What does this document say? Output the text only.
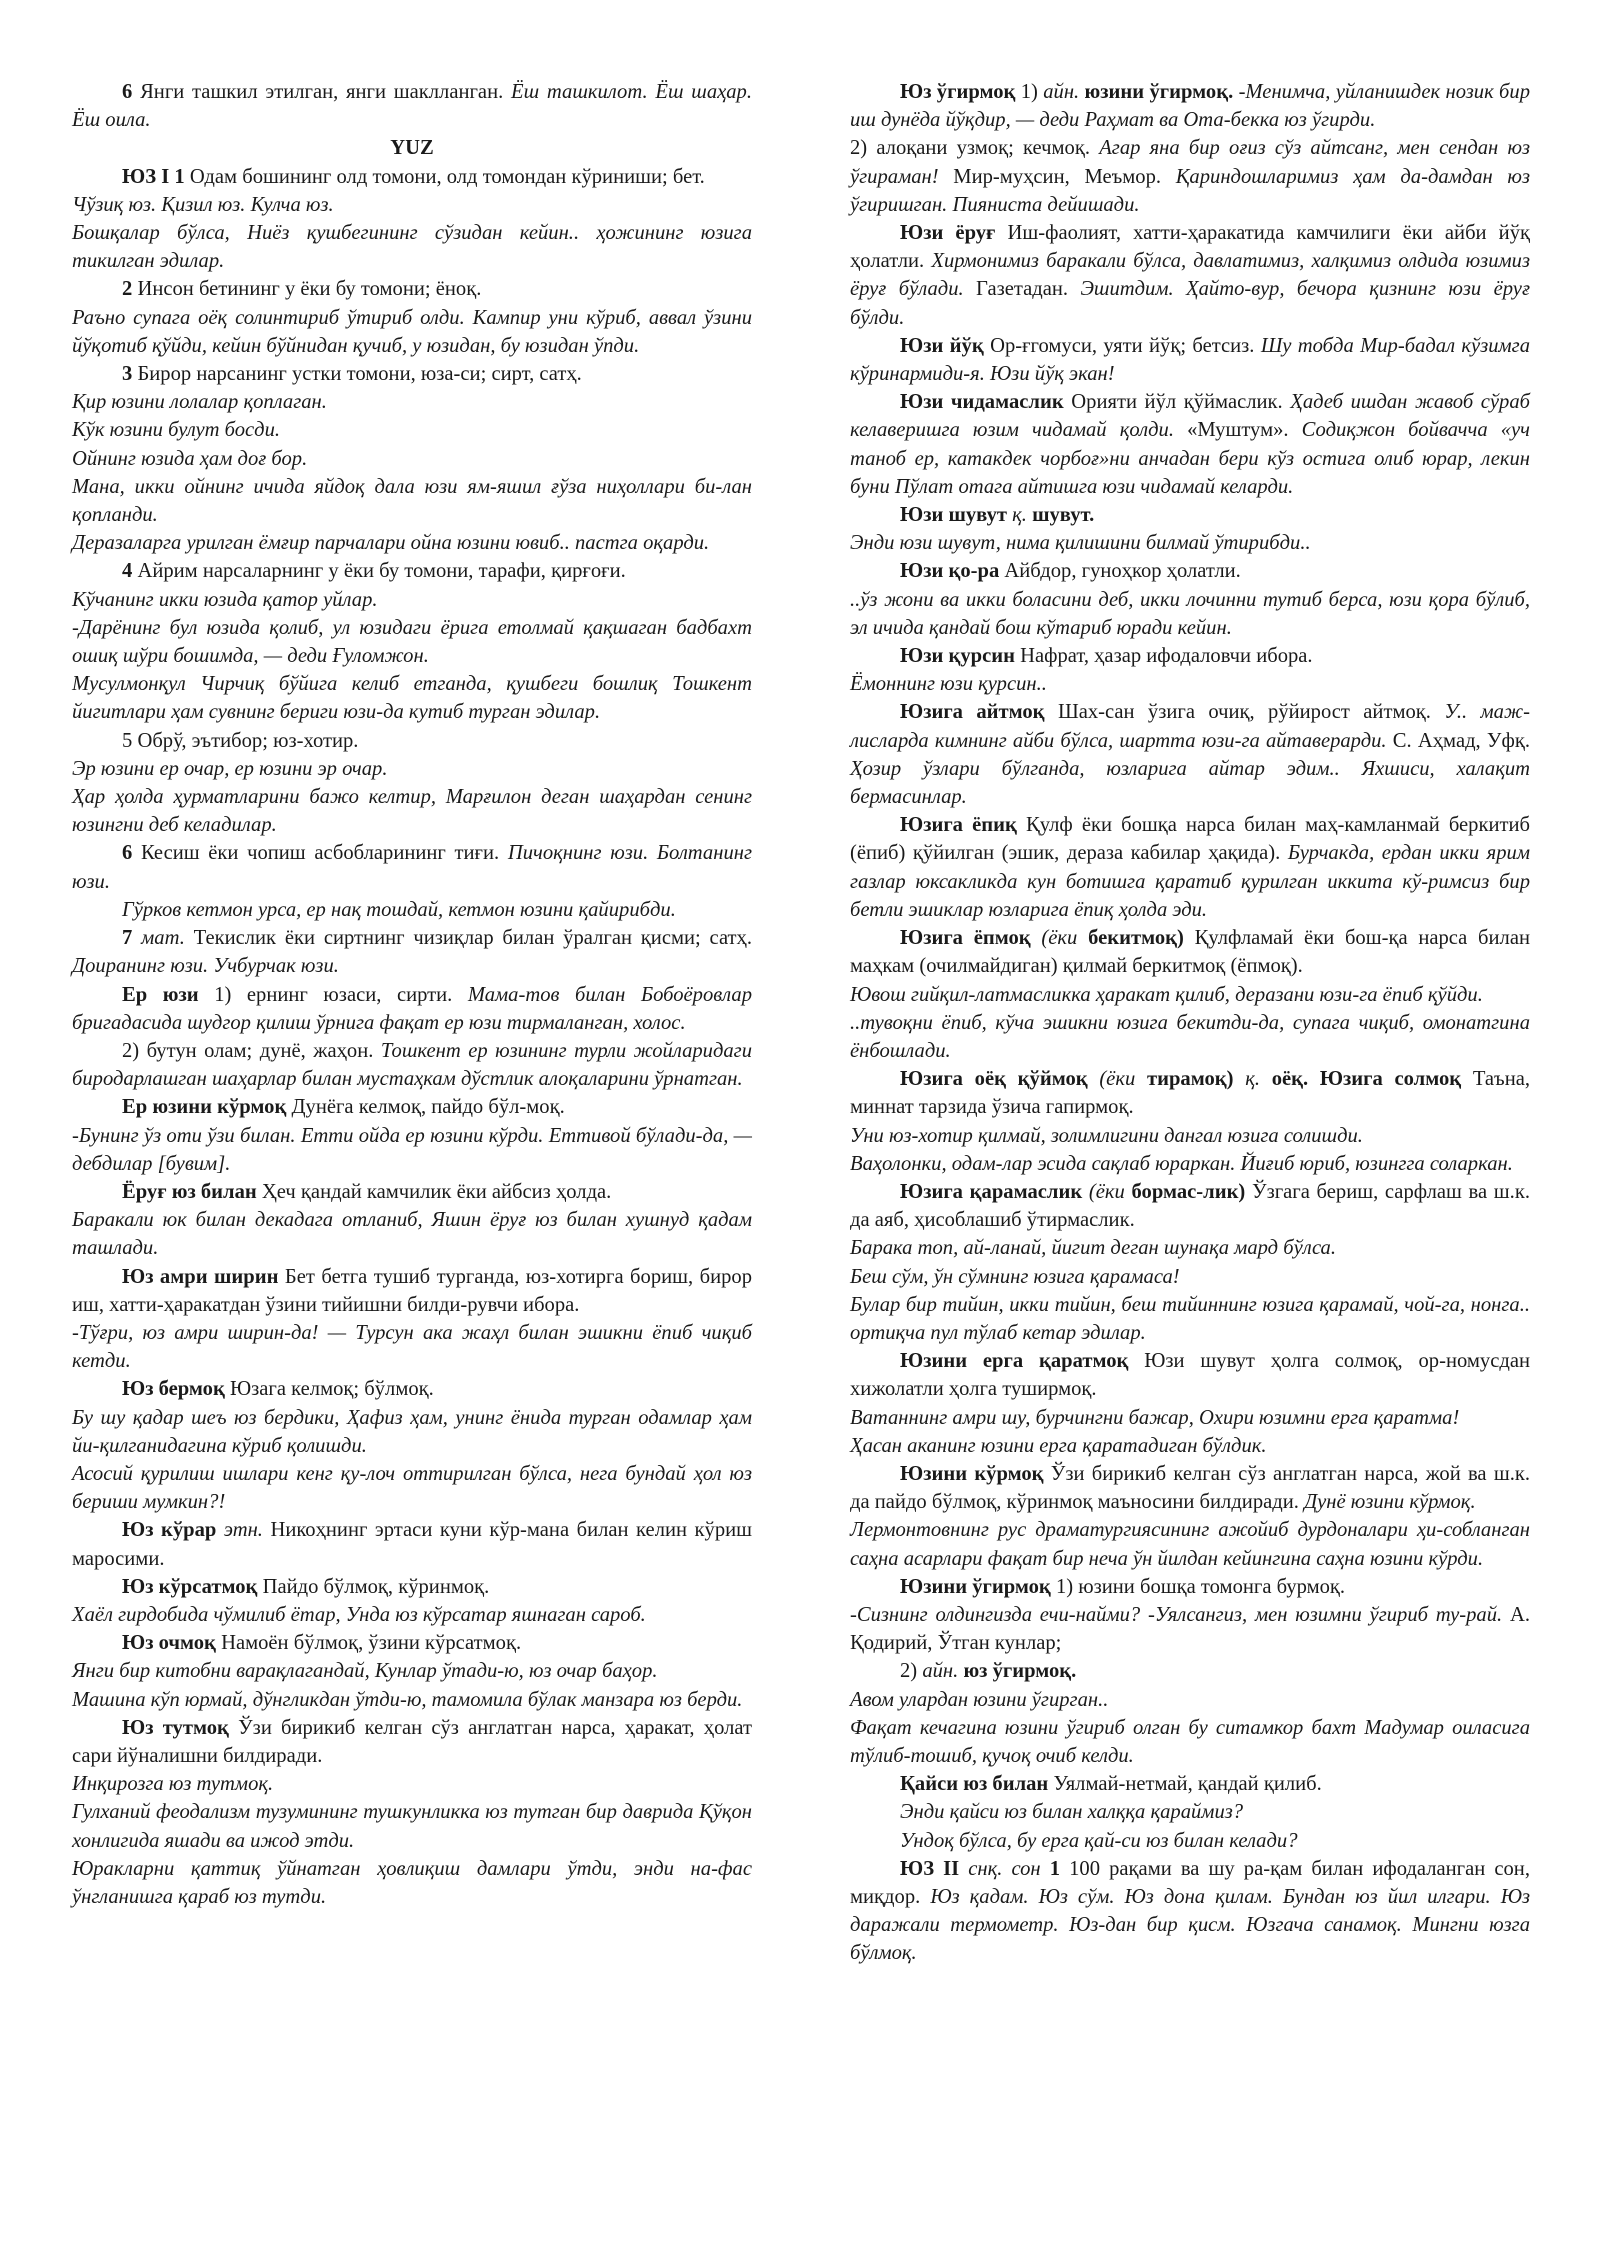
6 Янги ташкил этилган, янги шаклланган. Ёш ташкилот. Ёш шаҳар. Ёш оила.

YUZ

ЮЗ I 1 Одам бошининг олд томони, олд томондан кўриниши; бет.

Чўзиқ юз. Қизил юз. Кулча юз.

Бошқалар бўлса, Ниёз қушбегининг сўзидан кейин.. ҳожининг юзига тикилган эдилар.

2 Инсон бетининг у ёки бу томони; ёноқ.

Раъно супага оёқ солинтириб ўтириб олди. Кампир уни кўриб, аввал ўзини йўқотиб қўйди, кейин бўйнидан қучиб, у юзидан, бу юзидан ўпди.

3 Бирор нарсанинг устки томони, юза-си; сирт, сатҳ.

Қир юзини лолалар қоплаган.

Кўк юзини булут босди.

Ойнинг юзида ҳам доғ бор.

Мана, икки ойнинг ичида яйдоқ дала юзи ям-яшил ғўза ниҳоллари би-лан қопланди.

Деразаларга урилган ёмғир парчалари ойна юзини ювиб.. пастга оқарди.

4 Айрим нарсаларнинг у ёки бу томони, тарафи, қирғоғи.

Кўчанинг икки юзида қатор уйлар.

-Дарёнинг бул юзида қолиб, ул юзидаги ёрига етолмай қақшаган бадбахт ошиқ шўри бошимда, — деди Ғуломжон.

Мусулмонқул Чирчиқ бўйига келиб етганда, қушбеги бошлиқ Тошкент йигитлари ҳам сувнинг бериги юзи-да кутиб турган эдилар.

5 Обрў, эътибор; юз-хотир.

Эр юзини ер очар, ер юзини эр очар.

Ҳар ҳолда ҳурматларини бажо келтир, Марғилон деган шаҳардан сенинг юзингни деб келадилар.

6 Кесиш ёки чопиш асбобларининг тиғи. Пичоқнинг юзи. Болтанинг юзи.

Гўрков кетмон урса, ер нақ тошдай, кетмон юзини қайирибди.

7 мат. Текислик ёки сиртнинг чизиқлар билан ўралган қисми; сатҳ. Доиранинг юзи. Учбурчак юзи.

Ер юзи 1) ернинг юзаси, сирти. Мама-тов билан Бобоёровлар бригадасида шудгор қилиш ўрнига фақат ер юзи тирмаланган, холос.

2) бутун олам; дунё, жаҳон. Тошкент ер юзининг турли жойларидаги биродарлашган шаҳарлар билан мустаҳкам дўстлик алоқаларини ўрнатган.

Ер юзини кўрмоқ Дунёга келмоқ, пайдо бўл-моқ.

-Бунинг ўз оти ўзи билан. Етти ойда ер юзини кўрди. Еттивой бўлади-да, — дебдилар [бувим].

Ёруғ юз билан Ҳеч қандай камчилик ёки айбсиз ҳолда.

Баракали юк билан декадага отланиб, Яшин ёруғ юз билан хушнуд қадам ташлади.

Юз амри ширин Бет бетга тушиб турганда, юз-хотирга бориш, бирор иш, хатти-ҳаракатдан ўзини тийишни билди-рувчи ибора.

-Тўғри, юз амри ширин-да! — Турсун ака жаҳл билан эшикни ёпиб чиқиб кетди.

Юз бермоқ Юзага келмоқ; бўлмоқ.

Бу шу қадар шеъ юз бердики, Ҳафиз ҳам, унинг ёнида турган одамлар ҳам йи-қилганидагина кўриб қолишди.

Асосий қурилиш ишлари кенг қу-лоч оттирилган бўлса, нега бундай ҳол юз бериши мумкин?!

Юз кўрар этн. Никоҳнинг эртаси куни кўр-мана билан келин кўриш маросими.

Юз кўрсатмоқ Пайдо бўлмоқ, кўринмоқ.

Хаёл гирдобида чўмилиб ётар, Унда юз кўрсатар яшнаган сароб.

Юз очмоқ Намоён бўлмоқ, ўзини кўрсатмоқ.

Янги бир китобни варақлагандай, Кунлар ўтади-ю, юз очар баҳор.

Машина кўп юрмай, дўнгликдан ўтди-ю, тамомила бўлак манзара юз берди.

Юз тутмоқ Ўзи бирикиб келган сўз англатган нарса, ҳаракат, ҳолат сари йўналишни билдиради.

Инқирозга юз тутмоқ.

Гулханий феодализм тузумининг тушкунликка юз тутган бир даврида Қўқон хонлигида яшади ва ижод этди.

Юракларни қаттиқ ўйнатган ҳовлиқиш дамлари ўтди, энди на-фас ўнгланишга қараб юз тутди.

Юз ўгирмоқ 1) айн. юзини ўгирмоқ. -Менимча, уйланишдек нозик бир иш дунёда йўқдир, — деди Раҳмат ва Ота-бекка юз ўгирди.

2) алоқани узмоқ; кечмоқ. Агар яна бир оғиз сўз айтсанг, мен сендан юз ўгираман! Мир-муҳсин, Меъмор. Қариндошларимиз ҳам да-дамдан юз ўгиришган. Пияниста дейишади.

Юзи ёруғ Иш-фаолият, хатти-ҳаракатида камчилиги ёки айби йўқ ҳолатли. Хирмонимиз баракали бўлса, давлатимиз, халқимиз олдида юзимиз ёруғ бўлади. Газетадан. Эшитдим. Ҳайто-вур, бечора қизнинг юзи ёруғ бўлди.

Юзи йўқ Ор-ғгомуси, уяти йўқ; бетсиз. Шу тобда Мир-бадал кўзимга кўринармиди-я. Юзи йўқ экан!

Юзи чидамаслик Орияти йўл қўймаслик. Ҳадеб ишдан жавоб сўраб келаверишга юзим чидамай қолди. «Муштум». Содиқжон бойвачча «уч таноб ер, катакдек чорбоғ»ни анчадан бери кўз остига олиб юрар, лекин буни Пўлат отага айтишга юзи чидамай келарди.

Юзи шувут қ. шувут.

Энди юзи шувут, нима қилишини билмай ўтирибди..

Юзи қо-ра Айбдор, гуноҳкор ҳолатли.

..ўз жони ва икки боласини деб, икки лочинни тутиб берса, юзи қора бўлиб, эл ичида қандай бош кўтариб юради кейин.

Юзи қурсин Нафрат, ҳазар ифодаловчи ибора.

Ёмоннинг юзи қурсин..

Юзига айтмоқ Шах-сан ўзига очиқ, рўйирост айтмоқ. У.. маж-лисларда кимнинг айби бўлса, шартта юзи-га айтаверарди. С. Аҳмад, Уфқ. Ҳозир ўзлари бўлганда, юзларига айтар эдим.. Яхшиси, халақит бермасинлар.

Юзига ёпиқ Қулф ёки бошқа нарса билан маҳ-камланмай беркитиб (ёпиб) қўйилган (эшик, дераза кабилар ҳақида). Бурчакда, ердан икки ярим газлар юксакликда кун ботишга қаратиб қурилган иккита кў-римсиз бир бетли эшиклар юзларига ёпиқ ҳолда эди.

Юзига ёпмоқ (ёки бекитмоқ) Қулфламай ёки бош-қа нарса билан маҳкам (очилмайдиган) қилмай беркитмоқ (ёпмоқ).

Ювош гийқил-латмасликка ҳаракат қилиб, деразани юзи-га ёпиб қўйди.

..тувоқни ёпиб, кўча эшикни юзига бекитди-да, супага чиқиб, омонатгина ёнбошлади.

Юзига оёқ қўймоқ (ёки тирамоқ) қ. оёқ. Юзига солмоқ Таъна, миннат тарзида ўзича гапирмоқ.

Уни юз-хотир қилмай, золимлигини дангал юзига солишди.

Ваҳолонки, одам-лар эсида сақлаб юраркан. Йиғиб юриб, юзингга соларкан.

Юзига қарамаслик (ёки бормас-лик) Ўзгага бериш, сарфлаш ва ш.к. да аяб, ҳисоблашиб ўтирмаслик.

Барака топ, ай-ланай, йигит деган шунақа мард бўлса.

Беш сўм, ўн сўмнинг юзига қарамаса!

Булар бир тийин, икки тийин, беш тийиннинг юзига қарамай, чой-га, нонга.. ортиқча пул тўлаб кетар эдилар.

Юзини ерга қаратмоқ Юзи шувут ҳолга солмоқ, ор-номусдан хижолатли ҳолга туширмоқ.

Ватаннинг амри шу, бурчингни бажар, Охири юзимни ерга қаратма!

Ҳасан аканинг юзини ерга қаратадиган бўлдик.

Юзини кўрмоқ Ўзи бирикиб келган сўз англатган нарса, жой ва ш.к. да пайдо бўлмоқ, кўринмоқ маъносини билдиради. Дунё юзини кўрмоқ.

Лермонтовнинг рус драматургиясининг ажойиб дурдоналари ҳи-собланган саҳна асарлари фақат бир неча ўн йилдан кейингина саҳна юзини кўрди.

Юзини ўгирмоқ 1) юзини бошқа томонга бурмоқ.

-Сизнинг олдингизда ечи-найми? -Уялсангиз, мен юзимни ўгириб ту-рай. А. Қодирий, Ўтган кунлар;

2) айн. юз ўгирмоқ.

Авом улардан юзини ўгирган..

Фақат кечагина юзини ўгириб олган бу ситамкор бахт Мадумар оиласига тўлиб-тошиб, қучоқ очиб келди.

Қайси юз билан Уялмай-нетмай, қандай қилиб.

Энди қайси юз билан халққа қараймиз?

Ундоқ бўлса, бу ерга қай-си юз билан келади?

ЮЗ II снқ. сон 1 100 рақами ва шу ра-қам билан ифодаланган сон, миқдор. Юз қадам. Юз сўм. Юз дона қилам. Бундан юз йил илгари. Юз даражали термометр. Юз-дан бир қисм. Юзгача санамоқ. Мингни юзга бўлмоқ.
